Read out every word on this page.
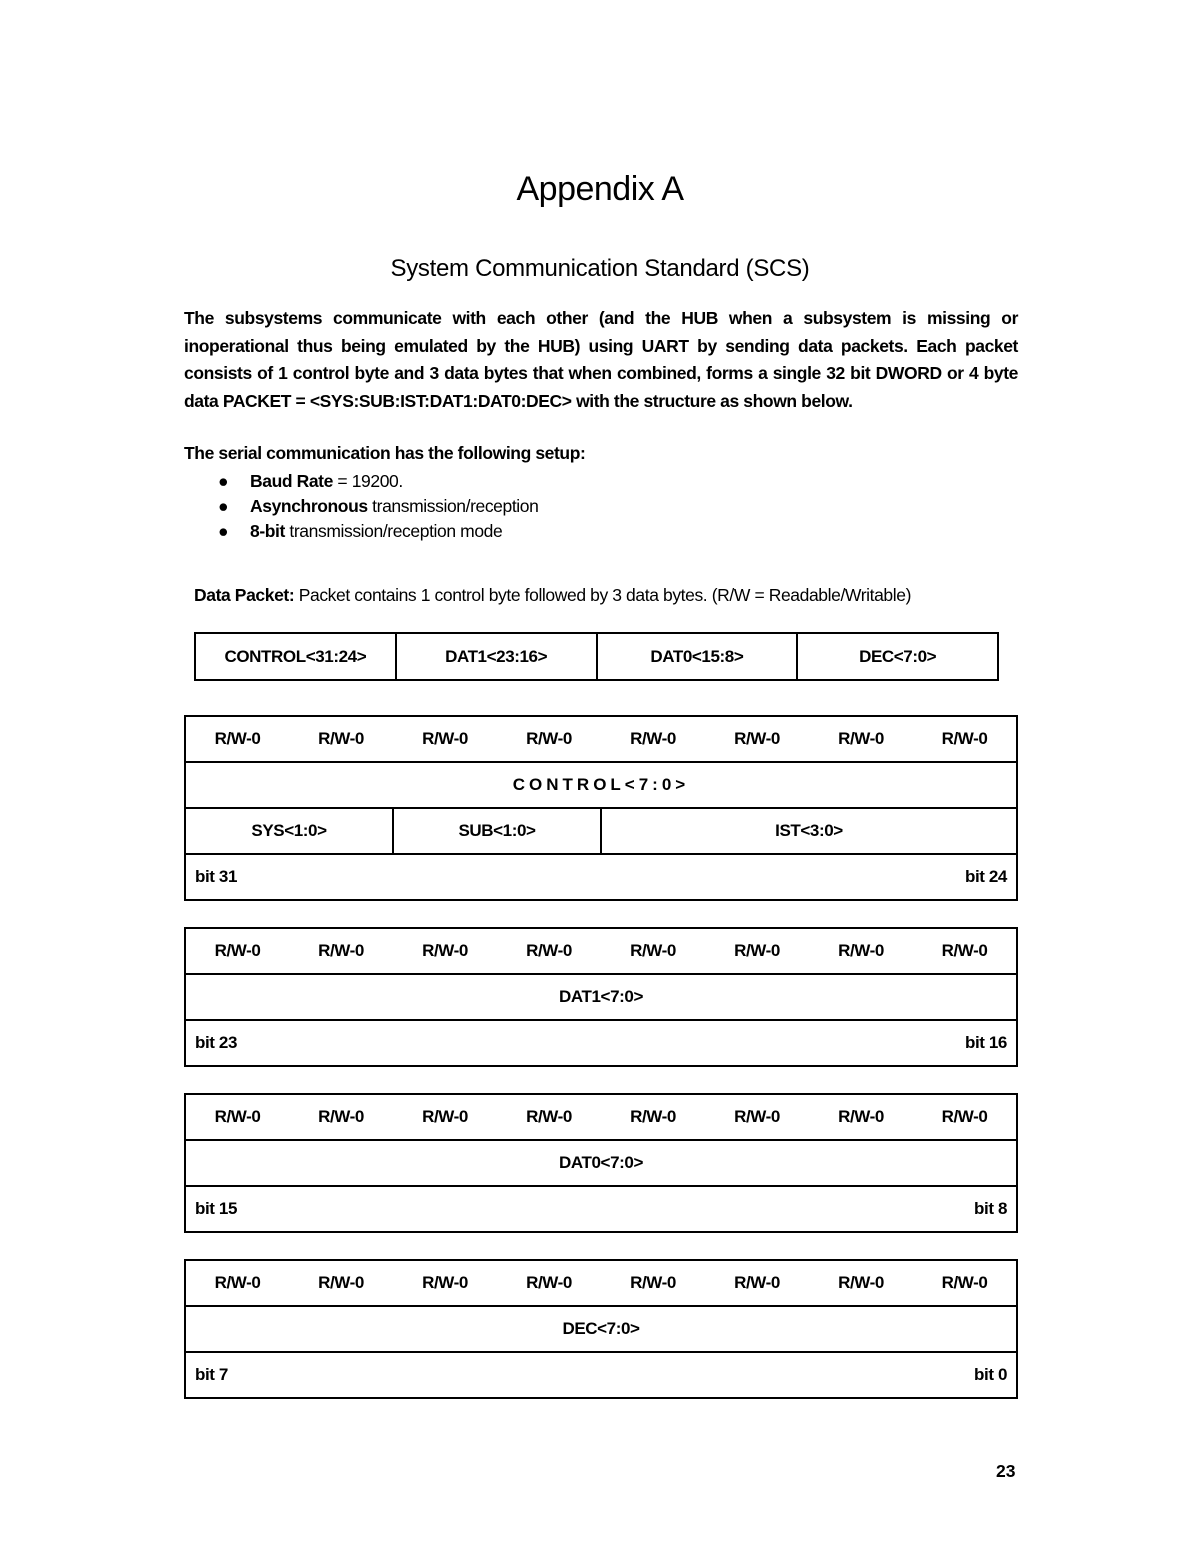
Appendix A
System Communication Standard (SCS)
The subsystems communicate with each other (and the HUB when a subsystem is missing or inoperational thus being emulated by the HUB) using UART by sending data packets. Each packet consists of 1 control byte and 3 data bytes that when combined, forms a single 32 bit DWORD or 4 byte data PACKET = <SYS:SUB:IST:DAT1:DAT0:DEC> with the structure as shown below.
The serial communication has the following setup:
● Baud Rate = 19200.
● Asynchronous transmission/reception
● 8-bit transmission/reception mode
Data Packet: Packet contains 1 control byte followed by 3 data bytes. (R/W = Readable/Writable)
CONTROL<31:24>	DAT1<23:16>	DAT0<15:8>	DEC<7:0>
R/W-0	R/W-0	R/W-0	R/W-0	R/W-0	R/W-0	R/W-0	R/W-0
CONTROL<7:0>							
SYS<1:0>		SUB<1:0>		IST<3:0>			
bit 31 bit 24							
R/W-0	R/W-0	R/W-0	R/W-0	R/W-0	R/W-0	R/W-0	R/W-0
DAT1<7:0>
bit 23	bit 16
R/W-0	R/W-0	R/W-0	R/W-0	R/W-0	R/W-0	R/W-0	R/W-0
DAT0<7:0>
bit 15	bit 8
R/W-0	R/W-0	R/W-0	R/W-0	R/W-0	R/W-0	R/W-0	R/W-0
DEC<7:0>
bit 7	bit 0
23
